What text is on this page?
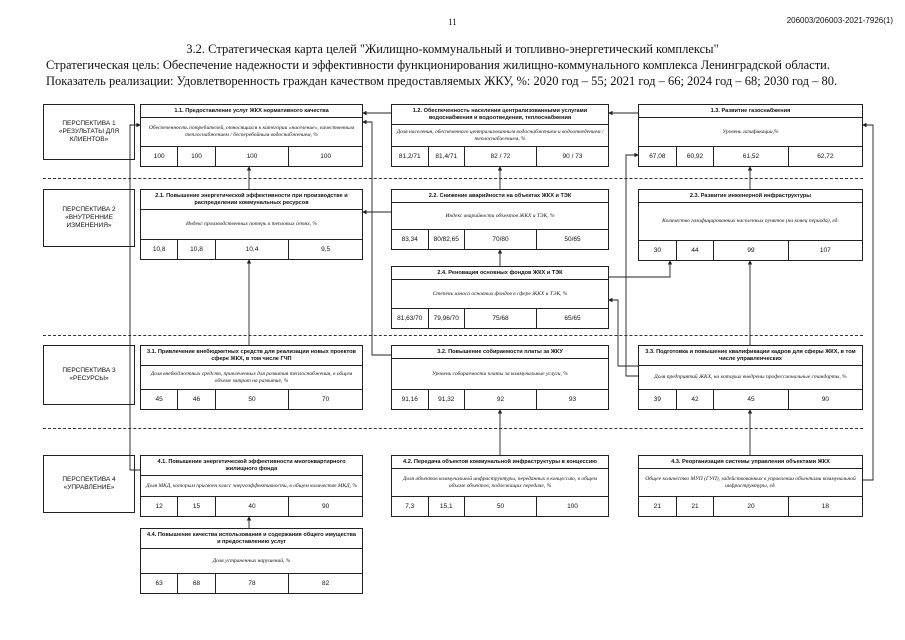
11	206003/206003-2021-7926(1)
3.2. Стратегическая карта целей "Жилищно-коммунальный и топливно-энергетический комплексы"
Стратегическая цель: Обеспечение надежности и эффективности функционирования жилищно-коммунального комплекса Ленинградской области.
Показатель реализации: Удовлетворенность граждан качеством предоставляемых ЖКУ, %: 2020 год – 55; 2021 год – 66; 2024 год – 68; 2030 год – 80.
ПЕРСПЕКТИВА 1 «РЕЗУЛЬТАТЫ ДЛЯ КЛИЕНТОВ»
ПЕРСПЕКТИВА 2 «ВНУТРЕННИЕ ИЗМЕНЕНИЯ»
ПЕРСПЕКТИВА 3 «РЕСУРСЫ»
ПЕРСПЕКТИВА 4 «УПРАВЛЕНИЕ»
1.1. Предоставление услуг ЖКХ нормативного качества
Обеспеченность потребителей, относящихся к категории «население», качественным теплоснабжением / бесперебойным водоснабжением, %
100	100	100	100
1.2. Обеспеченность населения централизованными услугами водоснабжения и водоотведения, теплоснабжения
Доля населения, обеспеченного централизованным водоснабжением и водоотведением / теплоснабжением, %
81,2/71	81,4/71	82 / 72	90 / 73
1.3. Развитие газоснабжения
Уровень газификации,%
67,08	60,92	61,52	62,72
2.1. Повышение энергетической эффективности при производстве и распределении коммунальных ресурсов
Индекс производственных потерь в тепловых сетях, %
10,8	10,8	10,4	9,5
2.2. Снижение аварийности на объектах ЖКХ и ТЭК
Индекс аварийности объектов ЖКХ и ТЭК, %
83,34	80/82,65	70/80	50/65
2.3. Развитие инженерной инфраструктуры
Количество газифицированных населенных пунктов (на конец периода), ед.
30	44	99	107
2.4. Реновация основных фондов ЖКХ и ТЭК
Степень износа основных фондов в сфере ЖКХ и ТЭК, %
81,63/70	79,96/70	75/68	65/65
3.1. Привлечение внебюджетных средств для реализации новых проектов сфере ЖКХ, в том числе ГЧП
Доля внебюджетных средств, привлеченных для развития теплоснабжения, в общем объеме затрат на развитие, %
45	46	50	70
3.2. Повышение собираемости платы за ЖКУ
Уровень собираемости платы за коммунальные услуги, %
91,16	91,32	92	93
3.3. Подготовка и повышение квалификации кадров для сферы ЖКХ, в том числе управленческих
Доля предприятий ЖКХ, на которых внедрены профессиональные стандарты, %
39	42	45	90
4.1. Повышение энергетической эффективности многоквартирного жилищного фонда
Доля МКД, которым присвоен класс энергоэффективности, в общем количестве МКД, %
12	15	40	90
4.2. Передача объектов коммунальной инфраструктуры в концессию
Доля объектов коммунальной инфраструктуры, переданных в концессию, в общем объеме объектов, подлежащих передаче, %
7,3	15,1	50	100
4.3. Реорганизация системы управления объектами ЖКХ
Общее количество МУП (ГУП), задействованных в управлении объектами коммунальной инфраструктуры, ед.
21	21	20	18
4.4. Повышение качества использования и содержания общего имущества и предоставлению услуг
Доля устраненных нарушений, %
63	68	78	82
